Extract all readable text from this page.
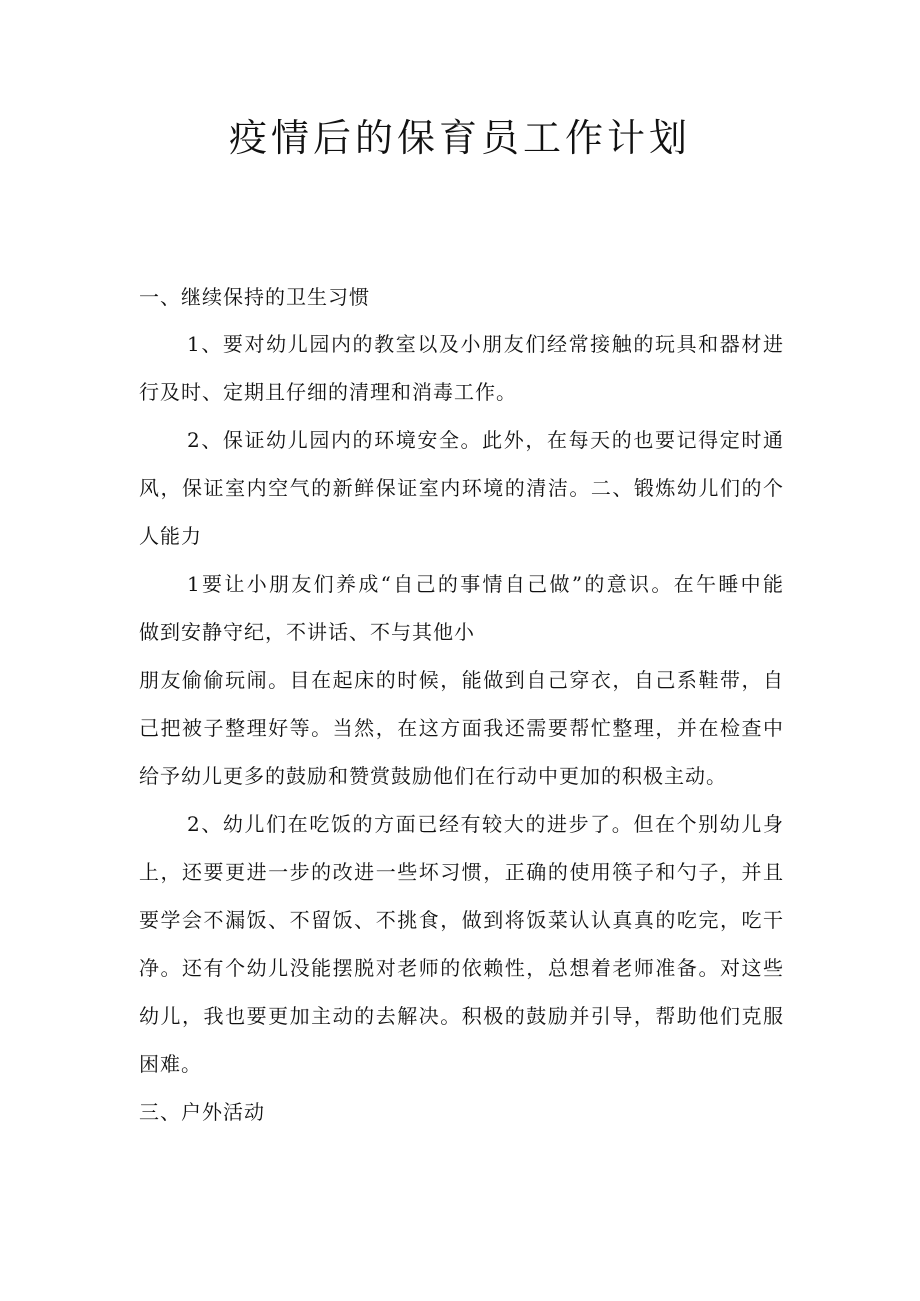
疫情后的保育员工作计划
一、继续保持的卫生习惯
1、要对幼儿园内的教室以及小朋友们经常接触的玩具和器材进
行及时、定期且仔细的清理和消毒工作。
2、保证幼儿园内的环境安全。此外，在每天的也要记得定时通
风，保证室内空气的新鲜保证室内环境的清洁。二、锻炼幼儿们的个
人能力
1要让小朋友们养成“自己的事情自己做”的意识。在午睡中能
做到安静守纪，不讲话、不与其他小
朋友偷偷玩闹。目在起床的时候，能做到自己穿衣，自己系鞋带，自
己把被子整理好等。当然，在这方面我还需要帮忙整理，并在检查中
给予幼儿更多的鼓励和赞赏鼓励他们在行动中更加的积极主动。
2、幼儿们在吃饭的方面已经有较大的进步了。但在个别幼儿身
上，还要更进一步的改进一些坏习惯，正确的使用筷子和勺子，并且
要学会不漏饭、不留饭、不挑食，做到将饭菜认认真真的吃完，吃干
净。还有个幼儿没能摆脱对老师的依赖性，总想着老师准备。对这些
幼儿，我也要更加主动的去解决。积极的鼓励并引导，帮助他们克服
困难。
三、户外活动
